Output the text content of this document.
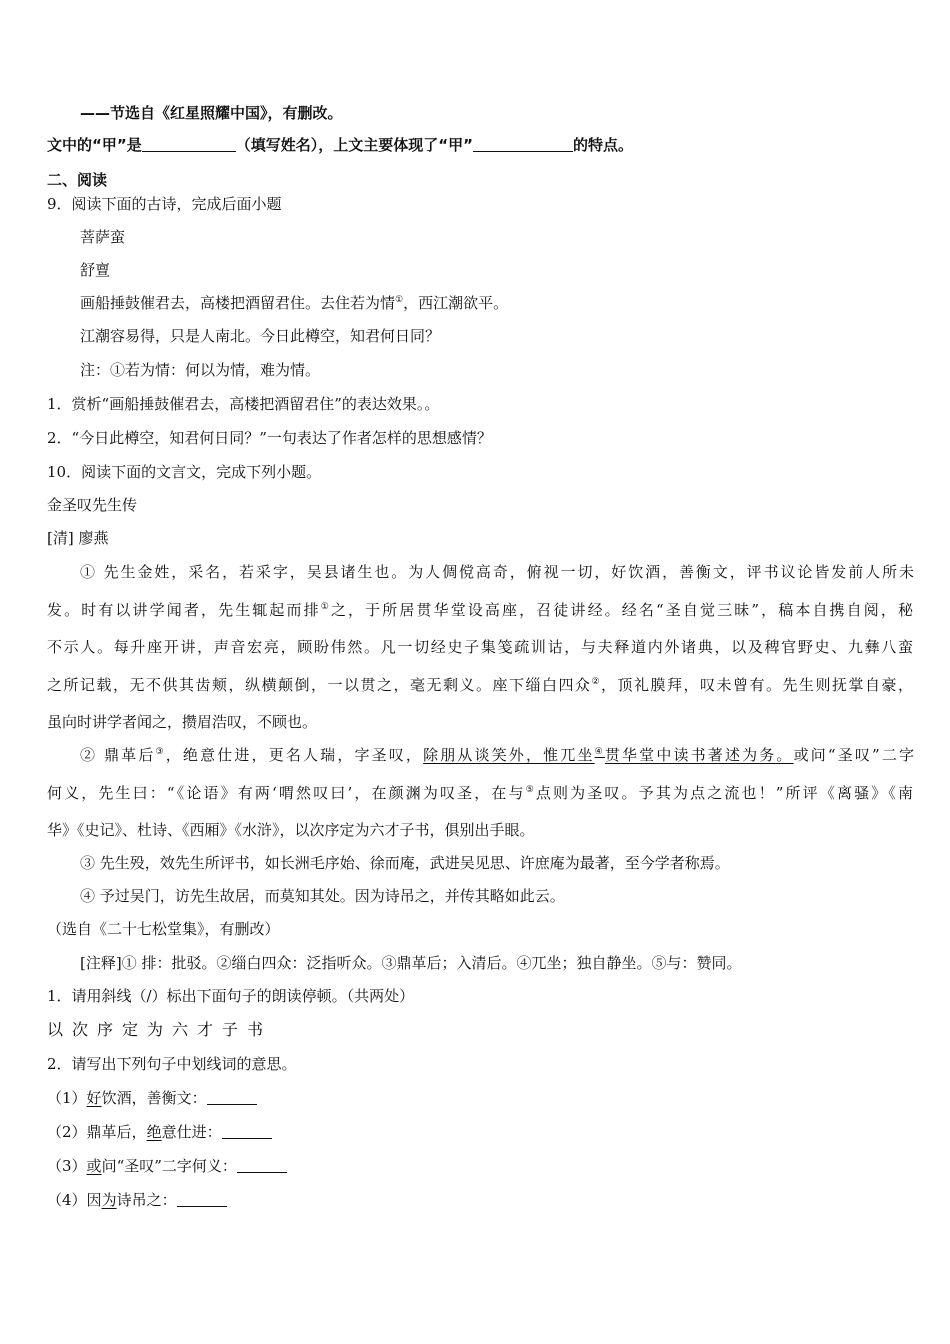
——节选自《红星照耀中国》，有删改。
文中的“甲”是	（填写姓名），上文主要体现了“甲”	的特点。
二、阅读
9．阅读下面的古诗，完成后面小题
菩萨蛮
舒亶
画船捶鼓催君去，高楼把酒留君住。去住若为情①，西江潮欲平。
江潮容易得，只是人南北。今日此樽空，知君何日同？
注：①若为情：何以为情，难为情。
1．赏析“画船捶鼓催君去，高楼把酒留君住”的表达效果。。
2．“今日此樽空，知君何日同？”一句表达了作者怎样的思想感情？
10．阅读下面的文言文，完成下列小题。
金圣叹先生传
[清] 廖燕
① 先生金姓，采名，若采字，吴县诸生也。为人倜傥高奇，俯视一切，好饮酒，善衡文，评书议论皆发前人所未
发。时有以讲学闻者，先生辄起而排①之，于所居贯华堂设高座，召徒讲经。经名“圣自觉三昧”，稿本自携自阅，秘
不示人。每升座开讲，声音宏亮，顾盼伟然。凡一切经史子集笺疏训诂，与夫释道内外诸典，以及稗官野史、九彝八蛮
之所记载，无不供其齿颊，纵横颠倒，一以贯之，毫无剩义。座下缁白四众②，顶礼膜拜，叹未曾有。先生则抚掌自豪，
虽向时讲学者闻之，攒眉浩叹，不顾也。
② 鼎革后③，绝意仕进，更名人瑞，字圣叹，除朋从谈笑外，惟兀坐④贯华堂中读书著述为务。或问“圣叹”二字
何义，先生曰：“《论语》有两‘喟然叹曰’，在颜渊为叹圣，在与⑤点则为圣叹。予其为点之流也！”所评《离骚》《南
华》《史记》、杜诗、《西厢》《水浒》，以次序定为六才子书，俱别出手眼。
③ 先生殁，效先生所评书，如长洲毛序始、徐而庵，武进吴见思、许庶庵为最著，至今学者称焉。
④ 予过吴门，访先生故居，而莫知其处。因为诗吊之，并传其略如此云。
（选自《二十七松堂集》，有删改）
[注释]① 排：批驳。②缁白四众：泛指听众。③鼎革后；入清后。④兀坐；独自静坐。⑤与：赞同。
1．请用斜线（/）标出下面句子的朗读停顿。（共两处）
以次序定为六才子书
2．请写出下列句子中划线词的意思。
（1）好饮酒，善衡文：
（2）鼎革后，绝意仕进：
（3）或问“圣叹”二字何义：
（4）因为诗吊之：
